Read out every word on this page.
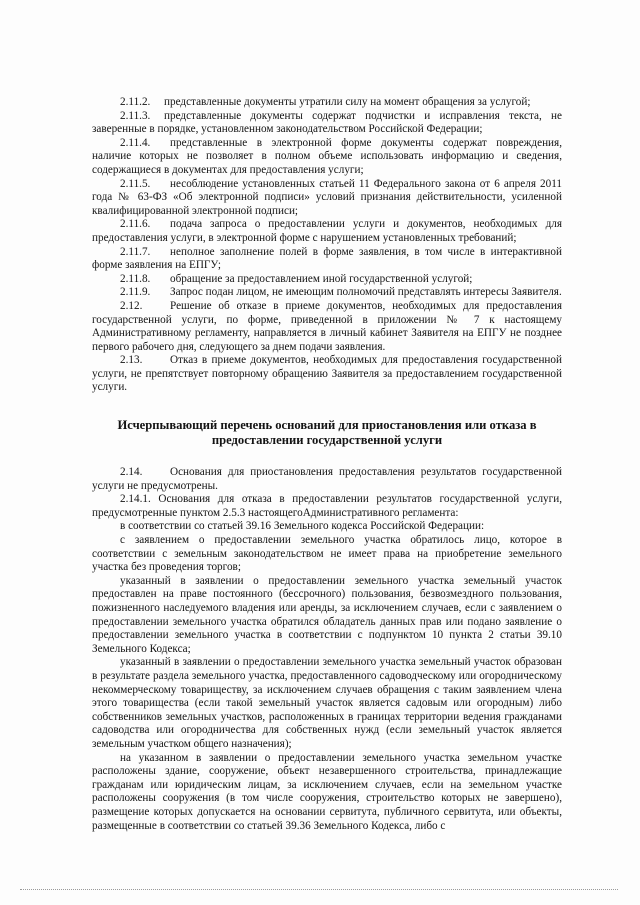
2.11.2. представленные документы утратили силу на момент обращения за услугой;

2.11.3. представленные документы содержат подчистки и исправления текста, не заверенные в порядке, установленном законодательством Российской Федерации;

2.11.4. представленные в электронной форме документы содержат повреждения, наличие которых не позволяет в полном объеме использовать информацию и сведения, содержащиеся в документах для предоставления услуги;

2.11.5. несоблюдение установленных статьей 11 Федерального закона от 6 апреля 2011 года № 63-ФЗ «Об электронной подписи» условий признания действительности, усиленной квалифицированной электронной подписи;

2.11.6. подача запроса о предоставлении услуги и документов, необходимых для предоставления услуги, в электронной форме с нарушением установленных требований;

2.11.7. неполное заполнение полей в форме заявления, в том числе в интерактивной форме заявления на ЕПГУ;

2.11.8. обращение за предоставлением иной государственной услугой;

2.11.9. Запрос подан лицом, не имеющим полномочий представлять интересы Заявителя.

2.12. Решение об отказе в приеме документов, необходимых для предоставления государственной услуги, по форме, приведенной в приложении № 7 к настоящему Административному регламенту, направляется в личный кабинет Заявителя на ЕПГУ не позднее первого рабочего дня, следующего за днем подачи заявления.

2.13. Отказ в приеме документов, необходимых для предоставления государственной услуги, не препятствует повторному обращению Заявителя за предоставлением государственной услуги.

Исчерпывающий перечень оснований для приостановления или отказа в предоставлении государственной услуги

2.14. Основания для приостановления предоставления результатов государственной услуги не предусмотрены.

2.14.1. Основания для отказа в предоставлении результатов государственной услуги, предусмотренные пунктом 2.5.3 настоящегоАдминистративного регламента:

в соответствии со статьей 39.16 Земельного кодекса Российской Федерации:

с заявлением о предоставлении земельного участка обратилось лицо, которое в соответствии с земельным законодательством не имеет права на приобретение земельного участка без проведения торгов;

указанный в заявлении о предоставлении земельного участка земельный участок предоставлен на праве постоянного (бессрочного) пользования, безвозмездного пользования, пожизненного наследуемого владения или аренды, за исключением случаев, если с заявлением о предоставлении земельного участка обратился обладатель данных прав или подано заявление о предоставлении земельного участка в соответствии с подпунктом 10 пункта 2 статьи 39.10 Земельного Кодекса;

указанный в заявлении о предоставлении земельного участка земельный участок образован в результате раздела земельного участка, предоставленного садоводческому или огородническому некоммерческому товариществу, за исключением случаев обращения с таким заявлением члена этого товарищества (если такой земельный участок является садовым или огородным) либо собственников земельных участков, расположенных в границах территории ведения гражданами садоводства или огородничества для собственных нужд (если земельный участок является земельным участком общего назначения);

на указанном в заявлении о предоставлении земельного участка земельном участке расположены здание, сооружение, объект незавершенного строительства, принадлежащие гражданам или юридическим лицам, за исключением случаев, если на земельном участке расположены сооружения (в том числе сооружения, строительство которых не завершено), размещение которых допускается на основании сервитута, публичного сервитута, или объекты, размещенные в соответствии со статьей 39.36 Земельного Кодекса, либо с
